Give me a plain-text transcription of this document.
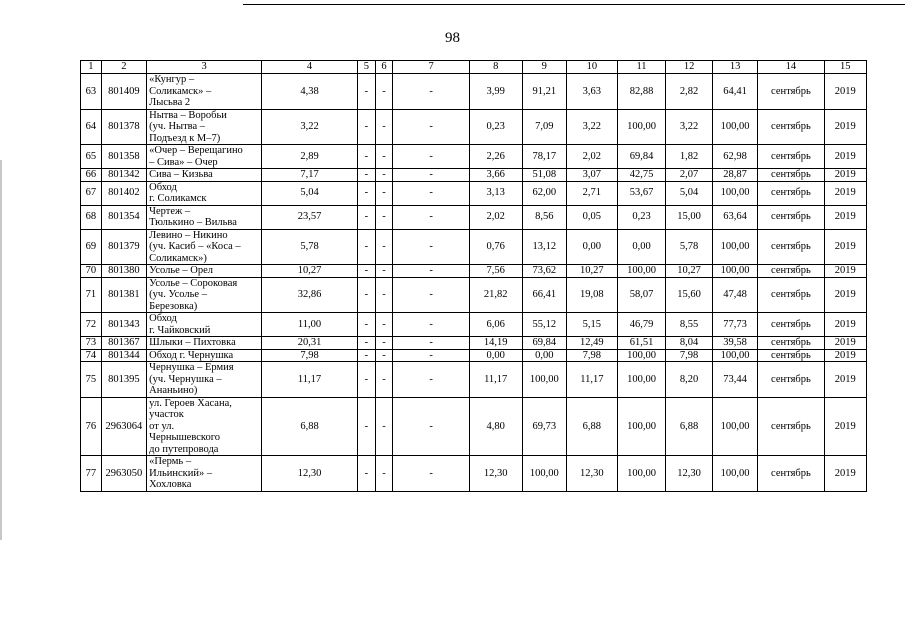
98
1	2	3	4	5	6	7	8	9	10	11	12	13	14	15
63	801409	«Кунгур –
Соликамск» –
Лысьва 2	4,38	-	-	-	3,99	91,21	3,63	82,88	2,82	64,41	сентябрь	2019
64	801378	Нытва – Воробьи
(уч. Нытва –
Подъезд к М–7)	3,22	-	-	-	0,23	7,09	3,22	100,00	3,22	100,00	сентябрь	2019
65	801358	«Очер – Верещагино
– Сива» – Очер	2,89	-	-	-	2,26	78,17	2,02	69,84	1,82	62,98	сентябрь	2019
66	801342	Сива – Кизьва	7,17	-	-	-	3,66	51,08	3,07	42,75	2,07	28,87	сентябрь	2019
67	801402	Обход
г. Соликамск	5,04	-	-	-	3,13	62,00	2,71	53,67	5,04	100,00	сентябрь	2019
68	801354	Чертеж –
Тюлькино – Вильва	23,57	-	-	-	2,02	8,56	0,05	0,23	15,00	63,64	сентябрь	2019
69	801379	Левино – Никино
(уч. Касиб – «Коса –
Соликамск»)	5,78	-	-	-	0,76	13,12	0,00	0,00	5,78	100,00	сентябрь	2019
70	801380	Усолье – Орел	10,27	-	-	-	7,56	73,62	10,27	100,00	10,27	100,00	сентябрь	2019
71	801381	Усолье – Сороковая
(уч. Усолье –
Березовка)	32,86	-	-	-	21,82	66,41	19,08	58,07	15,60	47,48	сентябрь	2019
72	801343	Обход
г. Чайковский	11,00	-	-	-	6,06	55,12	5,15	46,79	8,55	77,73	сентябрь	2019
73	801367	Шлыки – Пихтовка	20,31	-	-	-	14,19	69,84	12,49	61,51	8,04	39,58	сентябрь	2019
74	801344	Обход г. Чернушка	7,98	-	-	-	0,00	0,00	7,98	100,00	7,98	100,00	сентябрь	2019
75	801395	Чернушка – Ермия
(уч. Чернушка –
Ананьино)	11,17	-	-	-	11,17	100,00	11,17	100,00	8,20	73,44	сентябрь	2019
76	2963064	ул. Героев Хасана,
участок
от ул.
Чернышевского
до путепровода	6,88	-	-	-	4,80	69,73	6,88	100,00	6,88	100,00	сентябрь	2019
77	2963050	«Пермь –
Ильинский» –
Хохловка	12,30	-	-	-	12,30	100,00	12,30	100,00	12,30	100,00	сентябрь	2019
